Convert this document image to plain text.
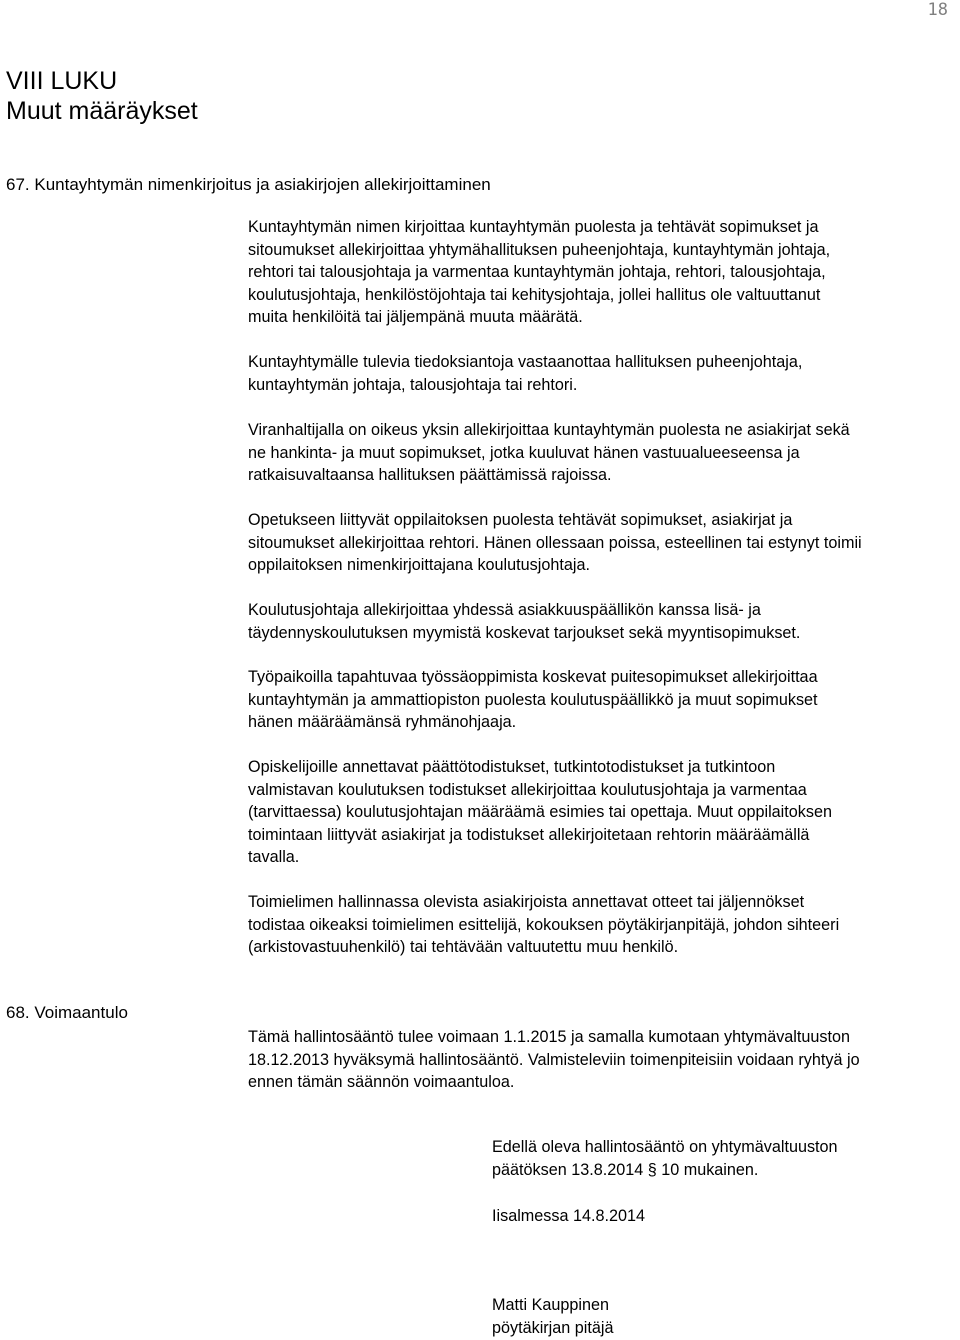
18
VIII LUKU
Muut määräykset
67. Kuntayhtymän nimenkirjoitus ja asiakirjojen allekirjoittaminen

Kuntayhtymän nimen kirjoittaa kuntayhtymän puolesta ja tehtävät sopimukset ja
sitoumukset allekirjoittaa yhtymähallituksen puheenjohtaja, kuntayhtymän johtaja,
rehtori tai talousjohtaja ja varmentaa kuntayhtymän johtaja, rehtori, talousjohtaja,
koulutusjohtaja, henkilöstöjohtaja tai kehitysjohtaja, jollei hallitus ole valtuuttanut
muita henkilöitä tai jäljempänä muuta määrätä.

Kuntayhtymälle tulevia tiedoksiantoja vastaanottaa hallituksen puheenjohtaja,
kuntayhtymän johtaja, talousjohtaja tai rehtori.

Viranhaltijalla on oikeus yksin allekirjoittaa kuntayhtymän puolesta ne asiakirjat sekä
ne hankinta- ja muut sopimukset, jotka kuuluvat hänen vastuualueeseensa ja
ratkaisuvaltaansa hallituksen päättämissä rajoissa.

Opetukseen liittyvät oppilaitoksen puolesta tehtävät sopimukset, asiakirjat ja
sitoumukset allekirjoittaa rehtori. Hänen ollessaan poissa, esteellinen tai estynyt toimii
oppilaitoksen nimenkirjoittajana koulutusjohtaja.

Koulutusjohtaja allekirjoittaa yhdessä asiakkuuspäällikön kanssa lisä- ja
täydennyskoulutuksen myymistä koskevat tarjoukset sekä myyntisopimukset.

Työpaikoilla tapahtuvaa työssäoppimista koskevat puitesopimukset allekirjoittaa
kuntayhtymän ja ammattiopiston puolesta koulutuspäällikkö ja muut sopimukset
hänen määräämänsä ryhmänohjaaja.

Opiskelijoille annettavat päättötodistukset, tutkintotodistukset ja tutkintoon
valmistavan koulutuksen todistukset allekirjoittaa koulutusjohtaja ja varmentaa
(tarvittaessa) koulutusjohtajan määräämä esimies tai opettaja. Muut oppilaitoksen
toimintaan liittyvät asiakirjat ja todistukset allekirjoitetaan rehtorin määräämällä
tavalla.

Toimielimen hallinnassa olevista asiakirjoista annettavat otteet tai jäljennökset
todistaa oikeaksi toimielimen esittelijä, kokouksen pöytäkirjanpitäjä, johdon sihteeri
(arkistovastuuhenkilö) tai tehtävään valtuutettu muu henkilö.

68. Voimaantulo

Tämä hallintosääntö tulee voimaan 1.1.2015 ja samalla kumotaan yhtymävaltuuston
18.12.2013 hyväksymä hallintosääntö. Valmisteleviin toimenpiteisiin voidaan ryhtyä jo
ennen tämän säännön voimaantuloa.

Edellä oleva hallintosääntö on yhtymävaltuuston
päätöksen 13.8.2014 § 10 mukainen.

Iisalmessa 14.8.2014

Matti Kauppinen
pöytäkirjan pitäjä
